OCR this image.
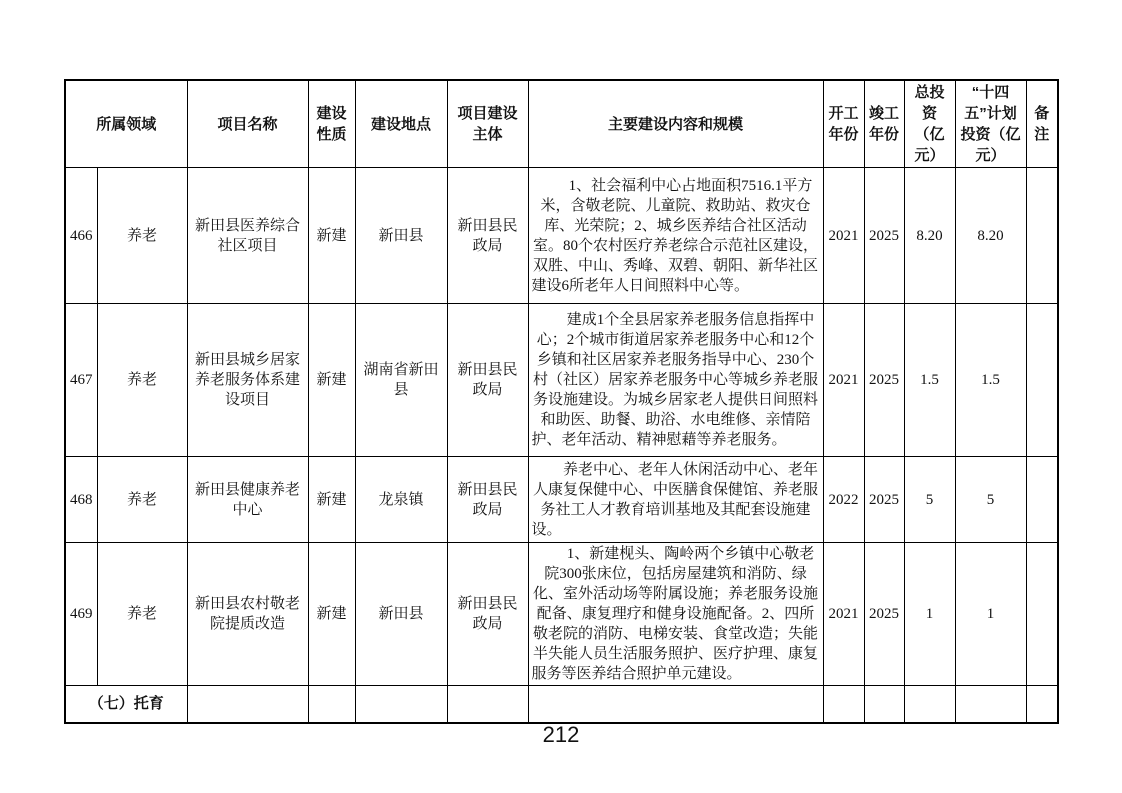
所属领域		项目名称	建设性质	建设地点	项目建设主体	主要建设内容和规模	开工年份	竣工年份	总投资（亿元）	“十四五”计划投资（亿元）	备注
466	养老	新田县医养综合社区项目	新建	新田县	新田县民政局	1、社会福利中心占地面积7516.1平方米，含敬老院、儿童院、救助站、救灾仓库、光荣院；2、城乡医养结合社区活动室。80个农村医疗养老综合示范社区建设，双胜、中山、秀峰、双碧、朝阳、新华社区建设6所老年人日间照料中心等。	2021	2025	8.20	8.20	
467	养老	新田县城乡居家养老服务体系建设项目	新建	湖南省新田县	新田县民政局	建成1个全县居家养老服务信息指挥中心；2个城市街道居家养老服务中心和12个乡镇和社区居家养老服务指导中心、230个村（社区）居家养老服务中心等城乡养老服务设施建设。为城乡居家老人提供日间照料和助医、助餐、助浴、水电维修、亲情陪护、老年活动、精神慰藉等养老服务。	2021	2025	1.5	1.5	
468	养老	新田县健康养老中心	新建	龙泉镇	新田县民政局	养老中心、老年人休闲活动中心、老年人康复保健中心、中医膳食保健馆、养老服务社工人才教育培训基地及其配套设施建设。	2022	2025	5	5	
469	养老	新田县农村敬老院提质改造	新建	新田县	新田县民政局	1、新建枧头、陶岭两个乡镇中心敬老院300张床位，包括房屋建筑和消防、绿化、室外活动场等附属设施；养老服务设施配备、康复理疗和健身设施配备。2、四所敬老院的消防、电梯安装、食堂改造；失能半失能人员生活服务照护、医疗护理、康复服务等医养结合照护单元建设。	2021	2025	1	1	
（七）托育											
212
